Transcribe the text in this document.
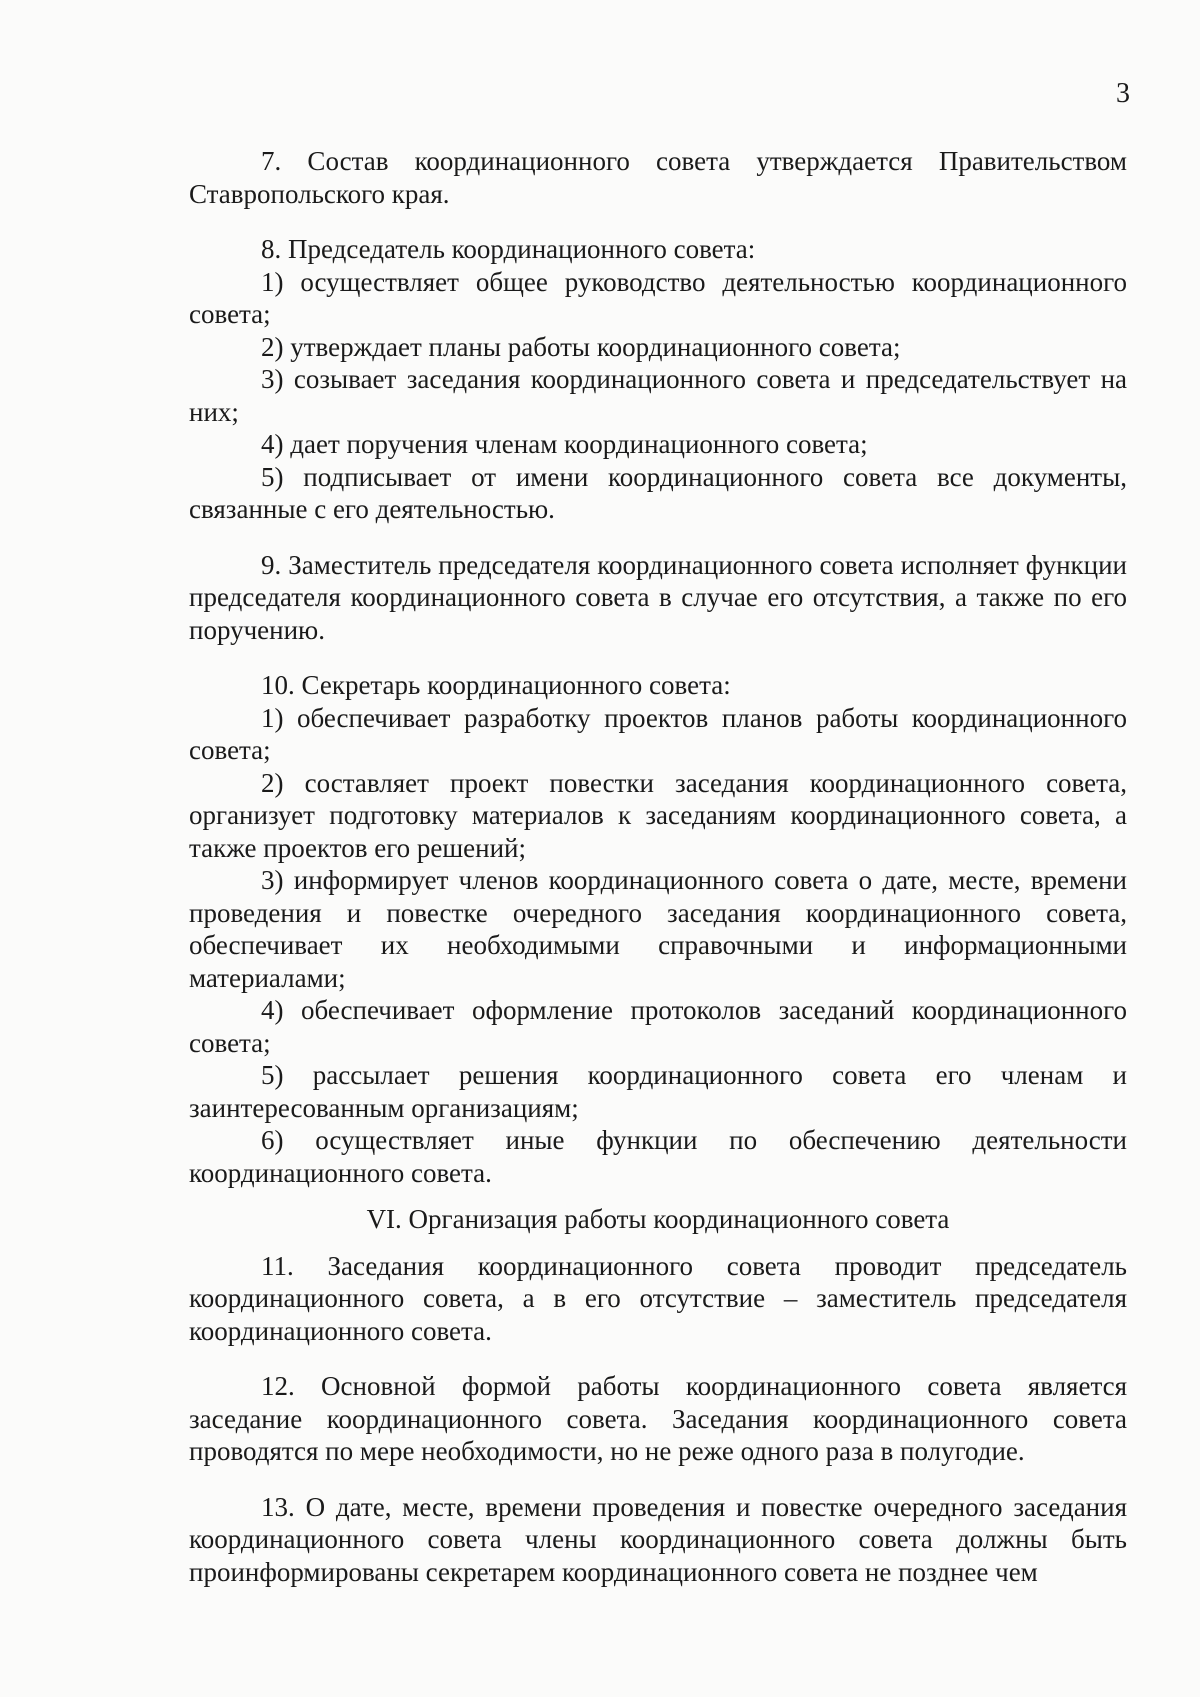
3

7. Состав координационного совета утверждается Правительством Ставропольского края.

8. Председатель координационного совета:

1) осуществляет общее руководство деятельностью координационного совета;

2) утверждает планы работы координационного совета;

3) созывает заседания координационного совета и председательствует на них;

4) дает поручения членам координационного совета;

5) подписывает от имени координационного совета все документы, связанные с его деятельностью.

9. Заместитель председателя координационного совета исполняет функции председателя координационного совета в случае его отсутствия, а также по его поручению.

10. Секретарь координационного совета:

1) обеспечивает разработку проектов планов работы координационного совета;

2) составляет проект повестки заседания координационного совета, организует подготовку материалов к заседаниям координационного совета, а также проектов его решений;

3) информирует членов координационного совета о дате, месте, времени проведения и повестке очередного заседания координационного совета, обеспечивает их необходимыми справочными и информационными материалами;

4) обеспечивает оформление протоколов заседаний координационного совета;

5) рассылает решения координационного совета его членам и заинтересованным организациям;

6) осуществляет иные функции по обеспечению деятельности координационного совета.

VI. Организация работы координационного совета

11. Заседания координационного совета проводит председатель координационного совета, а в его отсутствие – заместитель председателя координационного совета.

12. Основной формой работы координационного совета является заседание координационного совета. Заседания координационного совета проводятся по мере необходимости, но не реже одного раза в полугодие.

13. О дате, месте, времени проведения и повестке очередного заседания координационного совета члены координационного совета должны быть проинформированы секретарем координационного совета не позднее чем
